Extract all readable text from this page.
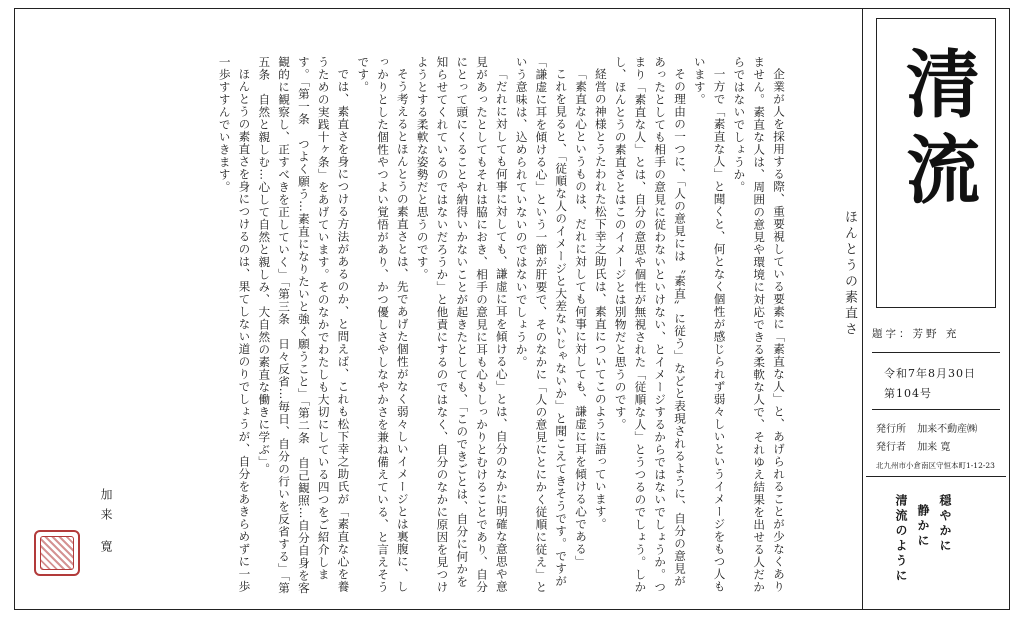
ほんとうの素直さ

企業が人を採用する際、重要視している要素に「素直な人」と、あげられることが少なくありません。素直な人は、周囲の意見や環境に対応できる柔軟な人で、それゆえ結果を出せる人だからではないでしょうか。

一方で「素直な人」と聞くと、何となく個性が感じられず弱々しいというイメージをもつ人もいます。

その理由の一つに、「人の意見には〝素直〟に従う」などと表現されるように、自分の意見があったとしても相手の意見に従わないといけない、とイメージするからではないでしょうか。つまり「素直な人」とは、自分の意思や個性が無視された「従順な人」とうつるのでしょう。しかし、ほんとうの素直さとはこのイメージとは別物だと思うのです。

経営の神様とうたわれた松下幸之助氏は、素直についてこのように語っています。

「素直な心というものは、だれに対しても何事に対しても、謙虚に耳を傾ける心である」

これを見ると、「従順な人のイメージと大差ないじゃないか」と聞こえてきそうです。ですが「謙虚に耳を傾ける心」という一節が肝要で、そのなかに「人の意見にとにかく従順に従え」という意味は、込められていないのではないでしょうか。

「だれに対しても何事に対しても、謙虚に耳を傾ける心」とは、自分のなかに明確な意思や意見があったとしてもそれは脇におき、相手の意見に耳も心もしっかりとむけることであり、自分にとって頭にくることや納得いかないことが起きたとしても、「このできごとは、自分に何かを知らせてくれているのではないだろうか」と他責にするのではなく、自分のなかに原因を見つけようとする柔軟な姿勢だと思うのです。

そう考えるとほんとうの素直さとは、先であげた個性がなく弱々しいイメージとは裏腹に、しっかりとした個性やつよい覚悟があり、かつ優しさやしなやかさを兼ね備えている、と言えそうです。

では、素直さを身につける方法があるのか、と問えば、これも松下幸之助氏が「素直な心を養うための実践十ヶ条」をあげています。そのなかでわたしも大切にしている四つをご紹介します。「第一条　つよく願う…素直になりたいと強く願うこと」「第二条　自己観照…自分自身を客観的に観察し、正すべきを正していく」「第三条　日々反省…毎日、自分の行いを反省する」「第五条　自然と親しむ…心して自然と親しみ、大自然の素直な働きに学ぶ」。

ほんとうの素直さを身につけるのは、果てしない道のりでしょうが、自分をあきらめずに一歩一歩すすんでいきます。

加来 寛
清流
題字：芳野 充
令和7年8月30日
第104号
発行所 加来不動産㈱
発行者 加来 寛
北九州市小倉南区守恒本町1-12-23
穏やかに
静かに
清流のように
